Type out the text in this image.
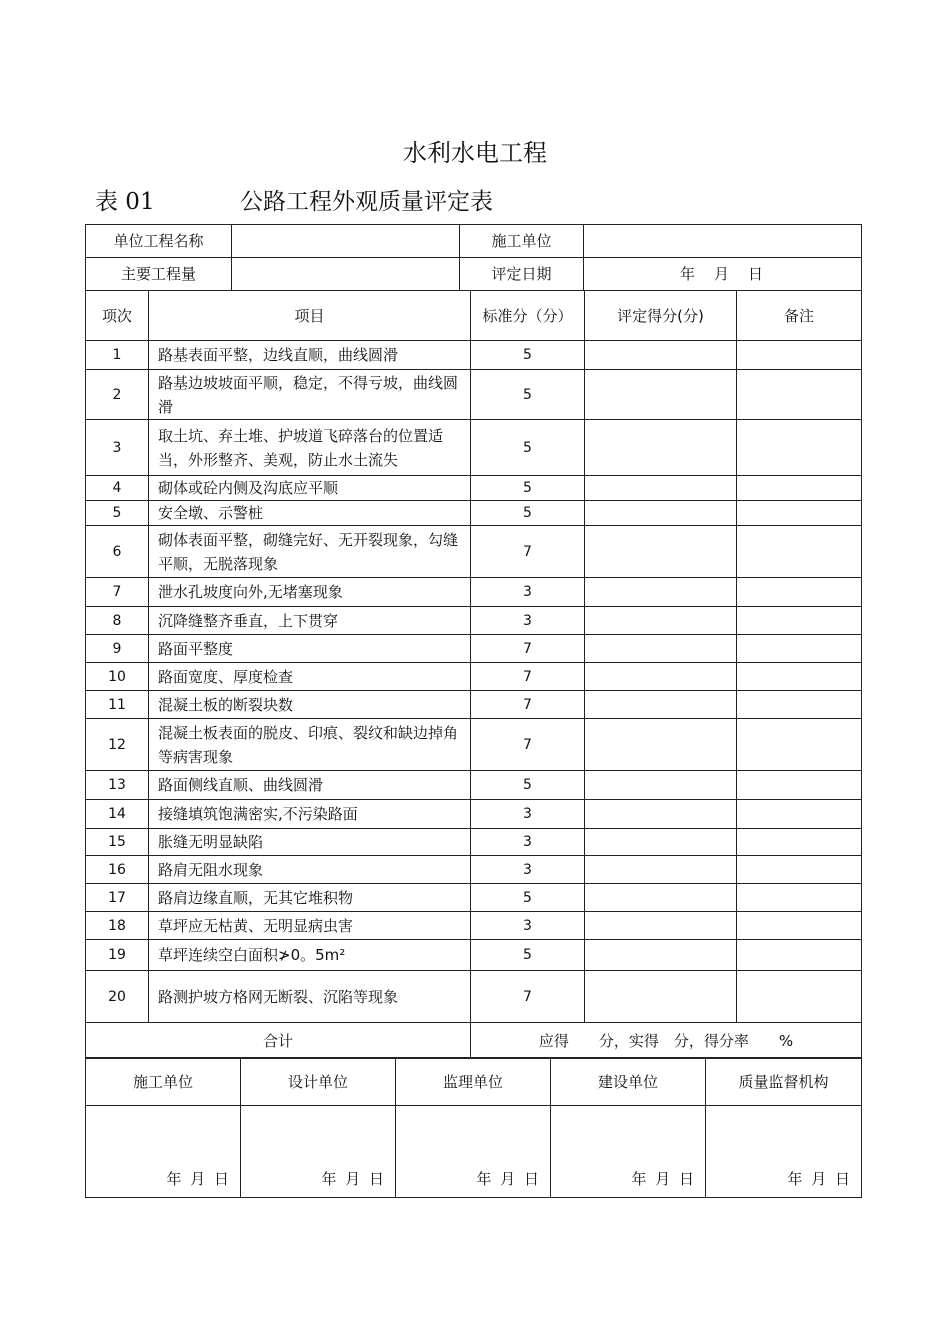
水利水电工程
表 01	公路工程外观质量评定表
单位工程名称		施工单位	
主要工程量		评定日期	年　月　日
项次	项目	标准分（分）	评定得分(分)	备注
1	路基表面平整，边线直顺，曲线圆滑	5		
2	路基边坡坡面平顺，稳定，不得亏坡，曲线圆滑	5		
3	取土坑、弃土堆、护坡道飞碎落台的位置适当，外形整齐、美观，防止水土流失	5		
4	砌体或砼内侧及沟底应平顺	5		
5	安全墩、示警桩	5		
6	砌体表面平整，砌缝完好、无开裂现象，勾缝平顺，无脱落现象	7		
7	泄水孔坡度向外,无堵塞现象	3		
8	沉降缝整齐垂直，上下贯穿	3		
9	路面平整度	7		
10	路面宽度、厚度检查	7		
11	混凝土板的断裂块数	7		
12	混凝土板表面的脱皮、印痕、裂纹和缺边掉角等病害现象	7		
13	路面侧线直顺、曲线圆滑	5		
14	接缝填筑饱满密实,不污染路面	3		
15	胀缝无明显缺陷	3		
16	路肩无阻水现象	3		
17	路肩边缘直顺，无其它堆积物	5		
18	草坪应无枯黄、无明显病虫害	3		
19	草坪连续空白面积≯0。5m²	5		
20	路测护坡方格网无断裂、沉陷等现象	7		
合计		应得　　分，实得　分，得分率　　%		
施工单位	设计单位	监理单位	建设单位	质量监督机构
年 月 日	年 月 日	年 月 日	年 月 日	年 月 日
